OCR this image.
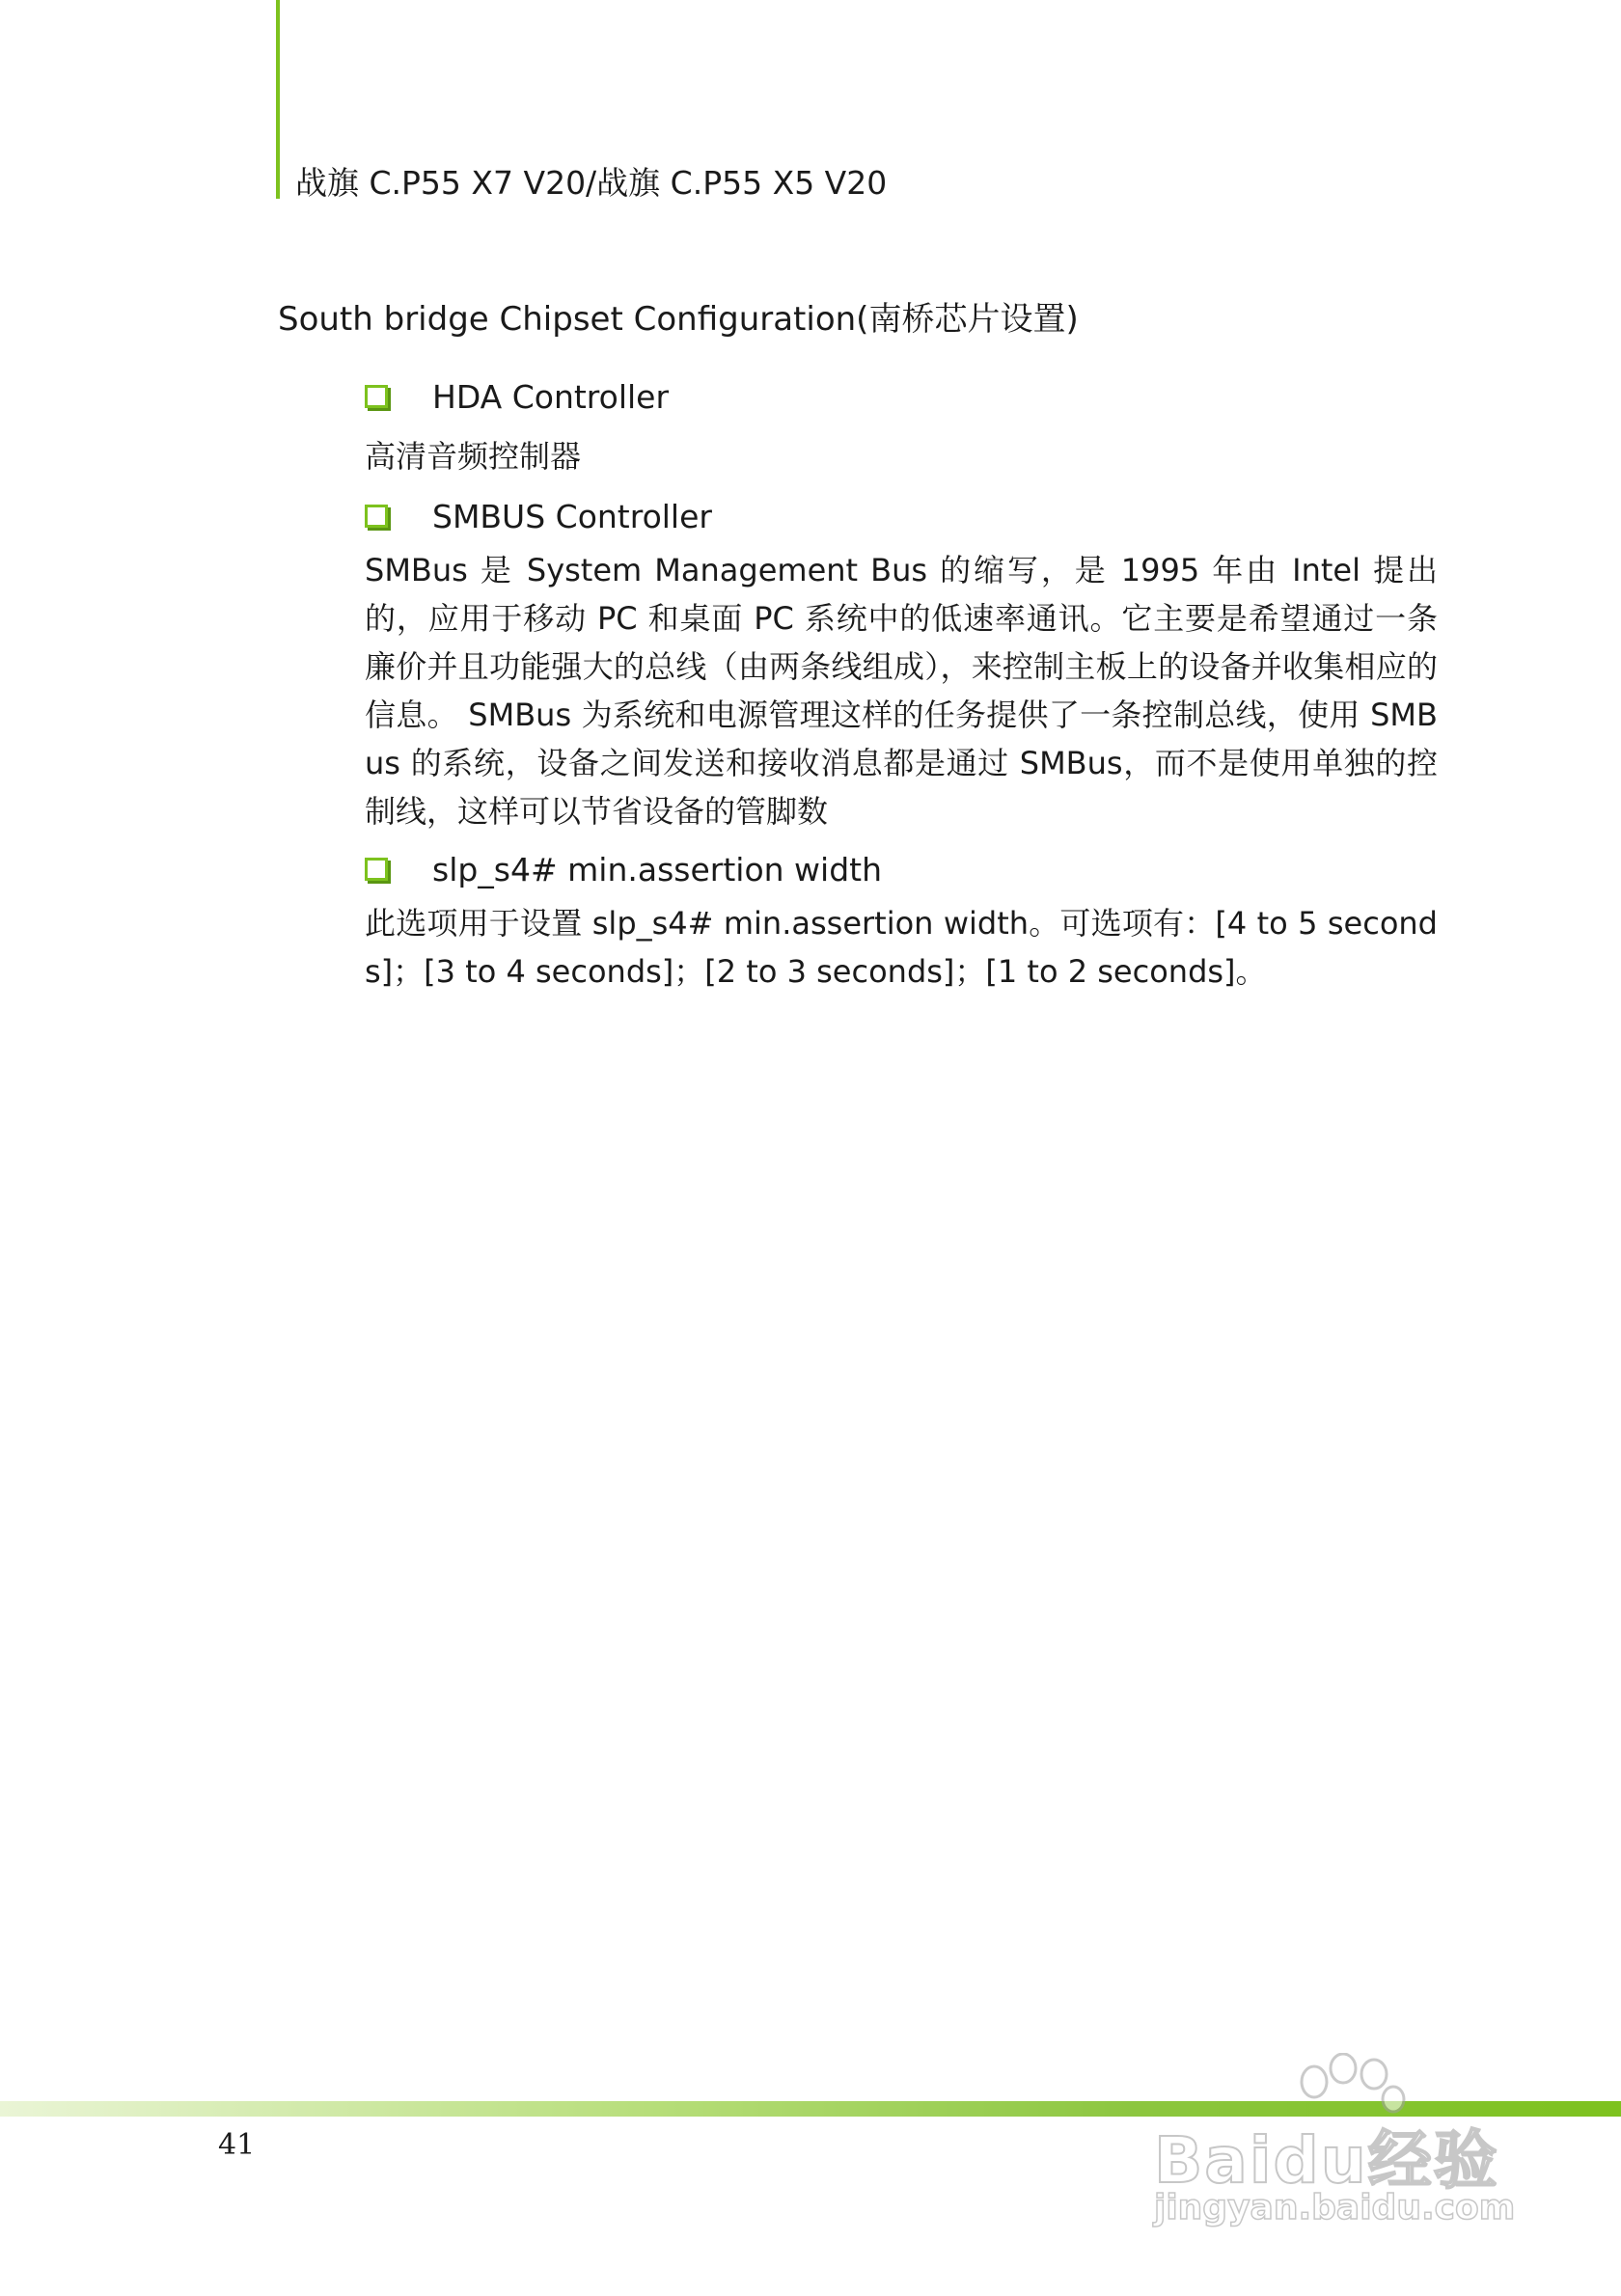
战旗 C.P55 X7 V20/战旗 C.P55 X5 V20
South bridge Chipset Configuration(南桥芯片设置)
HDA Controller

高清音频控制器

SMBUS Controller

SMBus 是 System Management Bus 的缩写，是 1995 年由 Intel 提出的，应用于移动 PC 和桌面 PC 系统中的低速率通讯。它主要是希望通过一条廉价并且功能强大的总线（由两条线组成），来控制主板上的设备并收集相应的信息。 SMBus 为系统和电源管理这样的任务提供了一条控制总线，使用 SMBus 的系统，设备之间发送和接收消息都是通过 SMBus，而不是使用单独的控制线，这样可以节省设备的管脚数

slp_s4# min.assertion width

此选项用于设置 slp_s4# min.assertion width。可选项有：[4 to 5 seconds]；[3 to 4 seconds]；[2 to 3 seconds]；[1 to 2 seconds]。

41	Baidu经验
jingyan.baidu.com
